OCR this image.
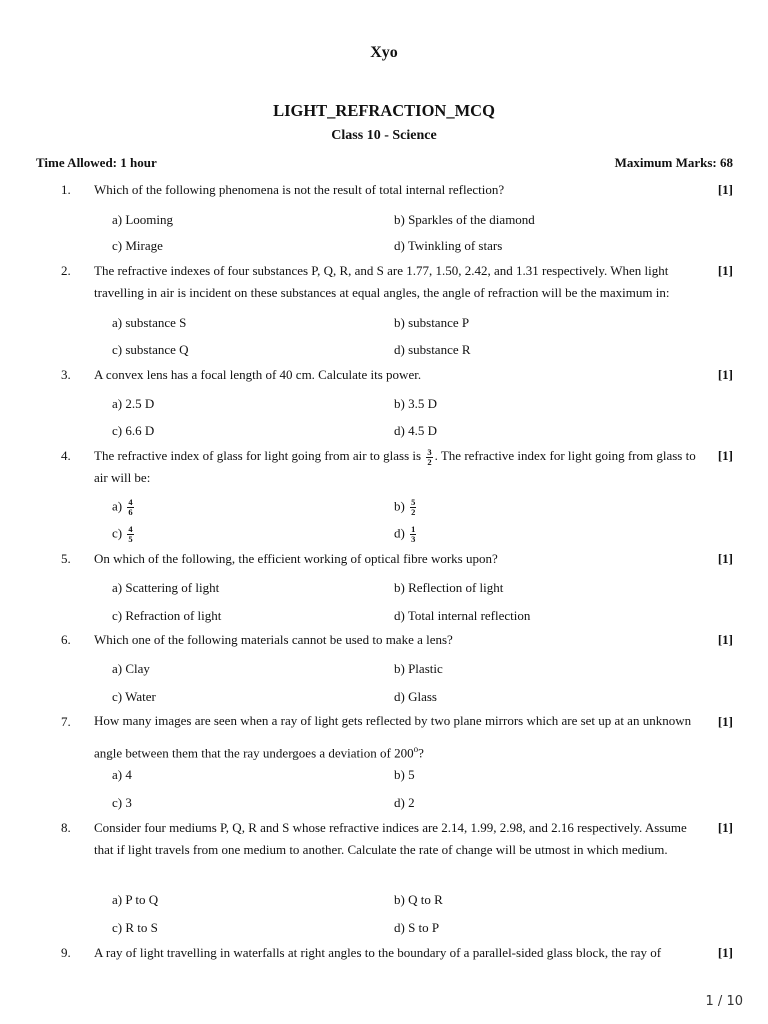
Xyo
LIGHT_REFRACTION_MCQ
Class 10 - Science
Time Allowed: 1 hour	Maximum Marks: 68
1. Which of the following phenomena is not the result of total internal reflection?	[1]
a) Looming	b) Sparkles of the diamond
c) Mirage	d) Twinkling of stars
2. The refractive indexes of four substances P, Q, R, and S are 1.77, 1.50, 2.42, and 1.31 respectively. When light travelling in air is incident on these substances at equal angles, the angle of refraction will be the maximum in:
[1]
a) substance S	b) substance P
c) substance Q	d) substance R
3. A convex lens has a focal length of 40 cm. Calculate its power.	[1]
a) 2.5 D	b) 3.5 D
c) 6.6 D	d) 4.5 D
4. The refractive index of glass for light going from air to glass is $\frac{3}{2}$ . The refractive index for light going from glass to air will be:
[1]
$a) \frac{4}{6}$	$b) \frac{5}{2}$
$c) \frac{4}{5}$	$d) \frac{1}{3}$
5. On which of the following, the efficient working of optical fibre works upon?	[1]
a) Scattering of light	b) Reflection of light
c) Refraction of light	d) Total internal reflection
6. Which one of the following materials cannot be used to make a lens?	[1]
a) Clay	b) Plastic
c) Water	d) Glass
7. How many images are seen when a ray of light gets reflected by two plane mirrors which are set up at an unknown angle between them that the ray undergoes a deviation of 200$^o$?
[1]
a) 4	b) 5
c) 3	d) 2
8. Consider four mediums P, Q, R and S whose refractive indices are 2.14, 1.99, 2.98, and 2.16 respectively. Assume that if light travels from one medium to another. Calculate the rate of change will be utmost in which medium.
[1]
a) P to Q	b) Q to R
c) R to S	d) S to P
9. A ray of light travelling in waterfalls at right angles to the boundary of a parallel-sided glass block, the ray of	[1]
1 / 10
